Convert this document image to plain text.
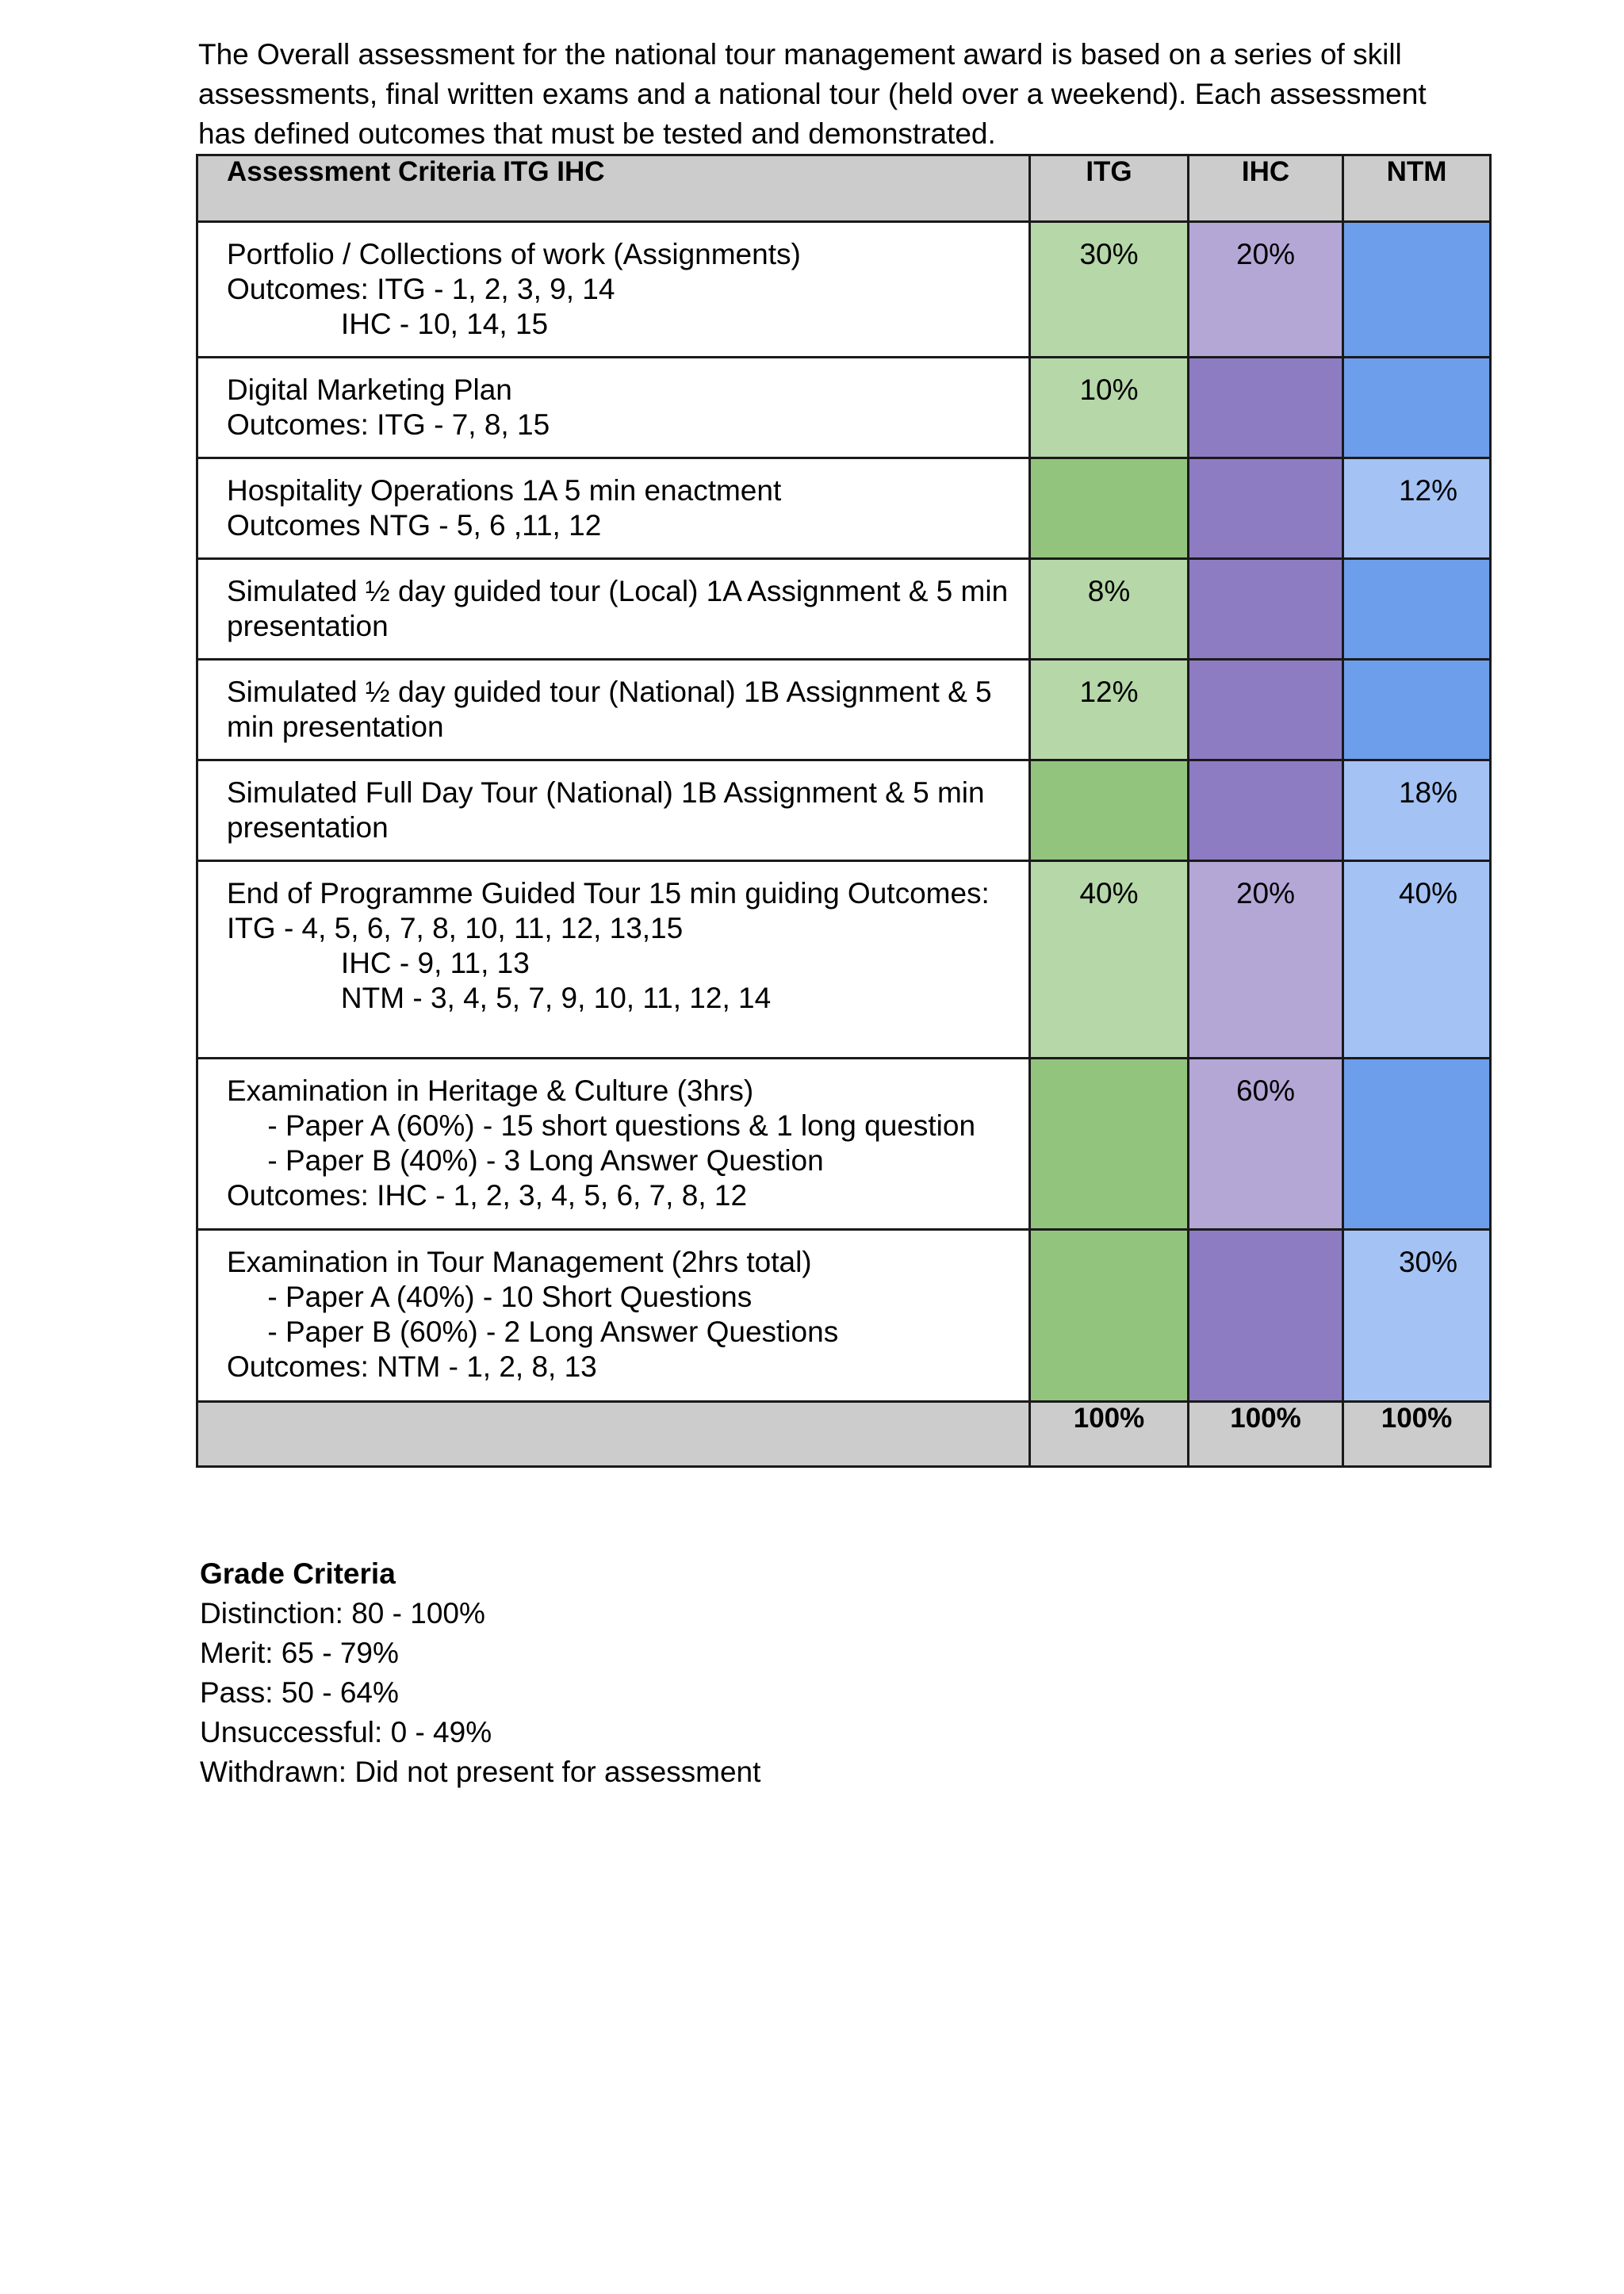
The Overall assessment for the national tour management award is based on a series of skill

assessments, final written exams and a national tour (held over a weekend). Each assessment

has defined outcomes that must be tested and demonstrated.

Assessment Criteria ITG IHC	ITG	IHC	NTM

Portfolio / Collections of work (Assignments)
Outcomes: ITG - 1, 2, 3, 9, 14
IHC - 10, 14, 15	30%	20%	

Digital Marketing Plan
Outcomes: ITG - 7, 8, 15	10%		

Hospitality Operations 1A 5 min enactment
Outcomes NTG - 5, 6 ,11, 12			12%

Simulated ½ day guided tour (Local) 1A Assignment & 5 min
presentation	8%		

Simulated ½ day guided tour (National) 1B Assignment & 5
min presentation	12%		

Simulated Full Day Tour (National) 1B Assignment & 5 min
presentation			18%

End of Programme Guided Tour 15 min guiding Outcomes:
ITG - 4, 5, 6, 7, 8, 10, 11, 12, 13,15
IHC - 9, 11, 13
NTM - 3, 4, 5, 7, 9, 10, 11, 12, 14	40%	20%	40%

Examination in Heritage & Culture (3hrs)
- Paper A (60%) - 15 short questions & 1 long question
- Paper B (40%) - 3 Long Answer Question
Outcomes: IHC - 1, 2, 3, 4, 5, 6, 7, 8, 12		60%	

Examination in Tour Management (2hrs total)
- Paper A (40%) - 10 Short Questions
- Paper B (60%) - 2 Long Answer Questions
Outcomes: NTM - 1, 2, 8, 13			30%
	100%	100%	100%
Grade Criteria
Distinction: 80 - 100%
Merit: 65 - 79%
Pass: 50 - 64%
Unsuccessful: 0 - 49%
Withdrawn: Did not present for assessment
